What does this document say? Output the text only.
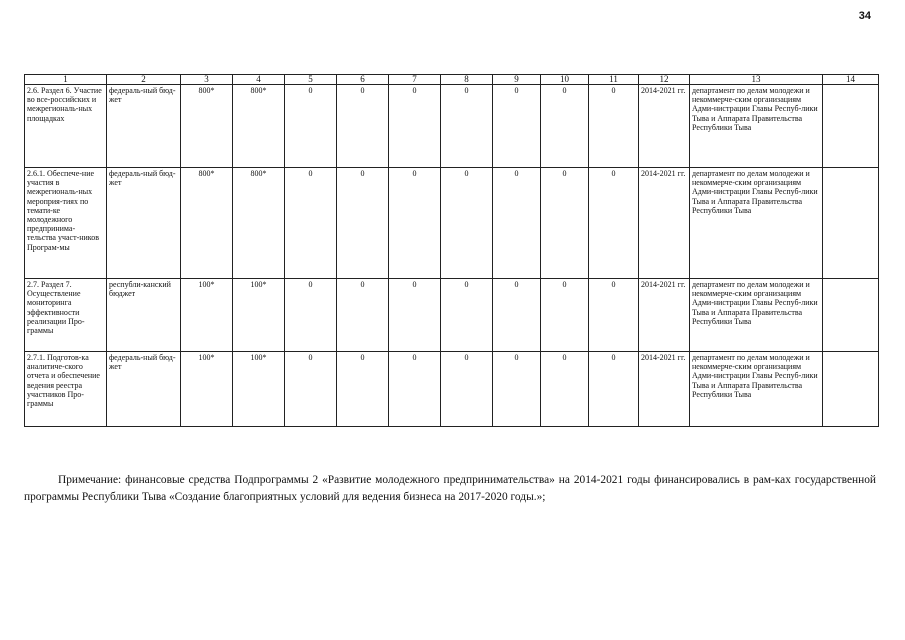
34
1	2	3	4	5	6	7	8	9	10	11	12	13	14
2.6. Раздел 6. Участие во все-российских и межрегиональ-ных площадках	федераль-ный бюд-жет	800*	800*	0	0	0	0	0	0	0	2014-2021 гг.	департамент по делам молодежи и некоммерче-ским организациям Адми-нистрации Главы Респуб-лики Тыва и Аппарата Правительства Республики Тыва	
2.6.1. Обеспече-ние участия в межрегиональ-ных мероприя-тиях по темати-ке молодежного предпринима-тельства участ-ников Програм-мы	федераль-ный бюд-жет	800*	800*	0	0	0	0	0	0	0	2014-2021 гг.	департамент по делам молодежи и некоммерче-ским организациям Адми-нистрации Главы Респуб-лики Тыва и Аппарата Правительства Республики Тыва	
2.7. Раздел 7. Осуществление мониторинга эффективности реализации Про-граммы	республи-канский бюджет	100*	100*	0	0	0	0	0	0	0	2014-2021 гг.	департамент по делам молодежи и некоммерче-ским организациям Адми-нистрации Главы Респуб-лики Тыва и Аппарата Правительства Республики Тыва	
2.7.1. Подготов-ка аналитиче-ского отчета и обеспечение ведения реестра участников Про-граммы	федераль-ный бюд-жет	100*	100*	0	0	0	0	0	0	0	2014-2021 гг.	департамент по делам молодежи и некоммерче-ским организациям Адми-нистрации Главы Респуб-лики Тыва и Аппарата Правительства Республики Тыва	
Примечание: финансовые средства Подпрограммы 2 «Развитие молодежного предпринимательства» на 2014-2021 годы финансировались в рам-ках государственной программы Республики Тыва «Создание благоприятных условий для ведения бизнеса на 2017-2020 годы.»;
